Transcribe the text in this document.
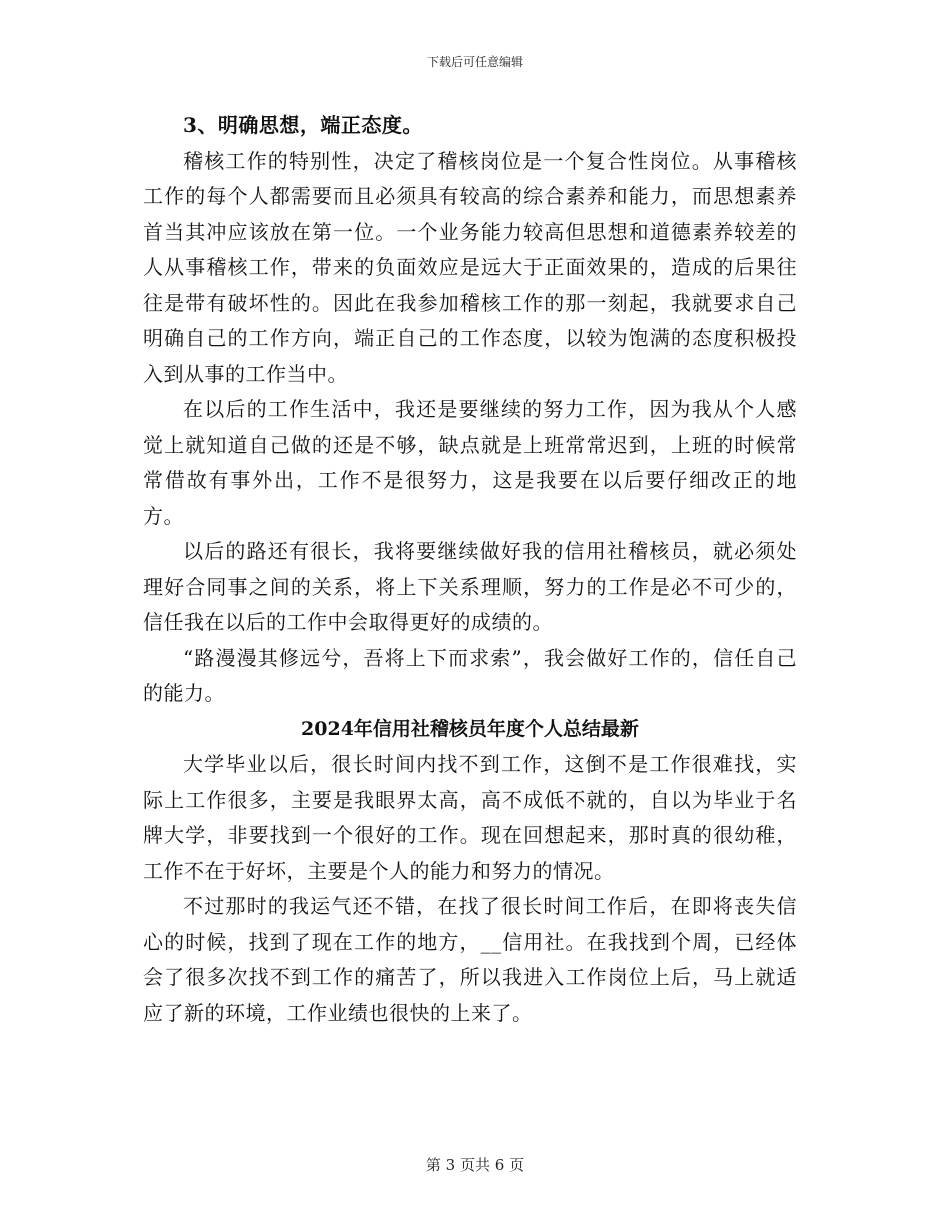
下载后可任意编辑

3、明确思想，端正态度。

稽核工作的特别性，决定了稽核岗位是一个复合性岗位。从事稽核工作的每个人都需要而且必须具有较高的综合素养和能力，而思想素养首当其冲应该放在第一位。一个业务能力较高但思想和道德素养较差的人从事稽核工作，带来的负面效应是远大于正面效果的，造成的后果往往是带有破坏性的。因此在我参加稽核工作的那一刻起，我就要求自己明确自己的工作方向，端正自己的工作态度，以较为饱满的态度积极投入到从事的工作当中。

在以后的工作生活中，我还是要继续的努力工作，因为我从个人感觉上就知道自己做的还是不够，缺点就是上班常常迟到，上班的时候常常借故有事外出，工作不是很努力，这是我要在以后要仔细改正的地方。

以后的路还有很长，我将要继续做好我的信用社稽核员，就必须处理好合同事之间的关系，将上下关系理顺，努力的工作是必不可少的，信任我在以后的工作中会取得更好的成绩的。

“路漫漫其修远兮，吾将上下而求索”，我会做好工作的，信任自己的能力。

2024年信用社稽核员年度个人总结最新

大学毕业以后，很长时间内找不到工作，这倒不是工作很难找，实际上工作很多，主要是我眼界太高，高不成低不就的，自以为毕业于名牌大学，非要找到一个很好的工作。现在回想起来，那时真的很幼稚，工作不在于好坏，主要是个人的能力和努力的情况。

不过那时的我运气还不错，在找了很长时间工作后，在即将丧失信心的时候，找到了现在工作的地方，__信用社。在我找到个周，已经体会了很多次找不到工作的痛苦了，所以我进入工作岗位上后，马上就适应了新的环境，工作业绩也很快的上来了。

第 3 页共 6 页
